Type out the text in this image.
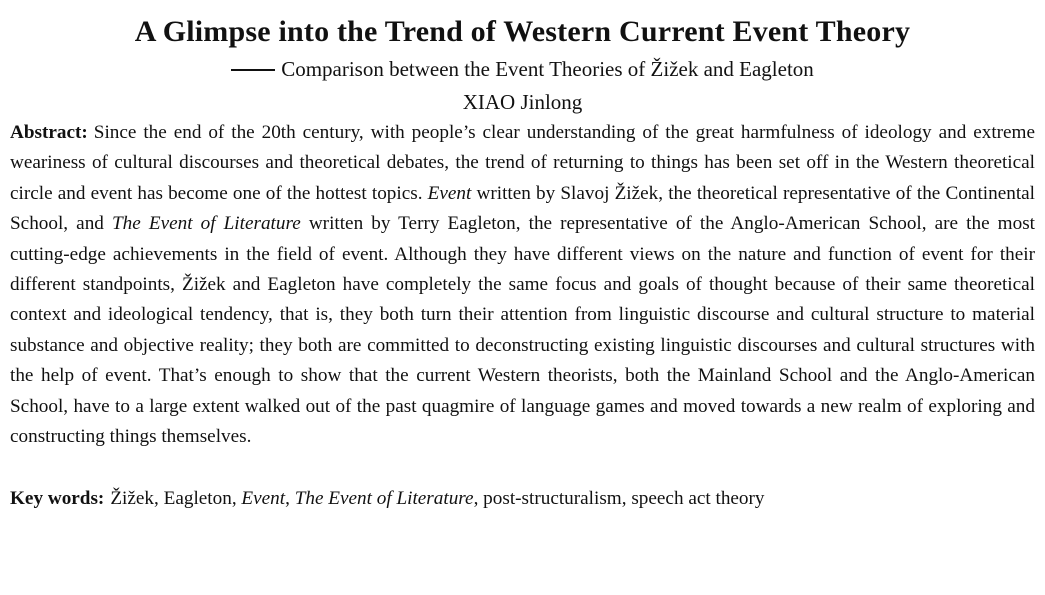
A Glimpse into the Trend of Western Current Event Theory

Comparison between the Event Theories of Žižek and Eagleton

XIAO Jinlong

Abstract: Since the end of the 20th century, with people’s clear understanding of the great harmfulness of ideology and extreme weariness of cultural discourses and theoretical debates, the trend of returning to things has been set off in the Western theoretical circle and event has become one of the hottest topics. Event written by Slavoj Žižek, the theoretical representative of the Continental School, and The Event of Literature written by Terry Eagleton, the representative of the Anglo-American School, are the most cutting-edge achievements in the field of event. Although they have different views on the nature and function of event for their different standpoints, Žižek and Eagleton have completely the same focus and goals of thought because of their same theoretical context and ideological tendency, that is, they both turn their attention from linguistic discourse and cultural structure to material substance and objective reality; they both are committed to deconstructing existing linguistic discourses and cultural structures with the help of event. That’s enough to show that the current Western theorists, both the Mainland School and the Anglo-American School, have to a large extent walked out of the past quagmire of language games and moved towards a new realm of exploring and constructing things themselves.

Key words: Žižek, Eagleton, Event, The Event of Literature, post-structuralism, speech act theory
